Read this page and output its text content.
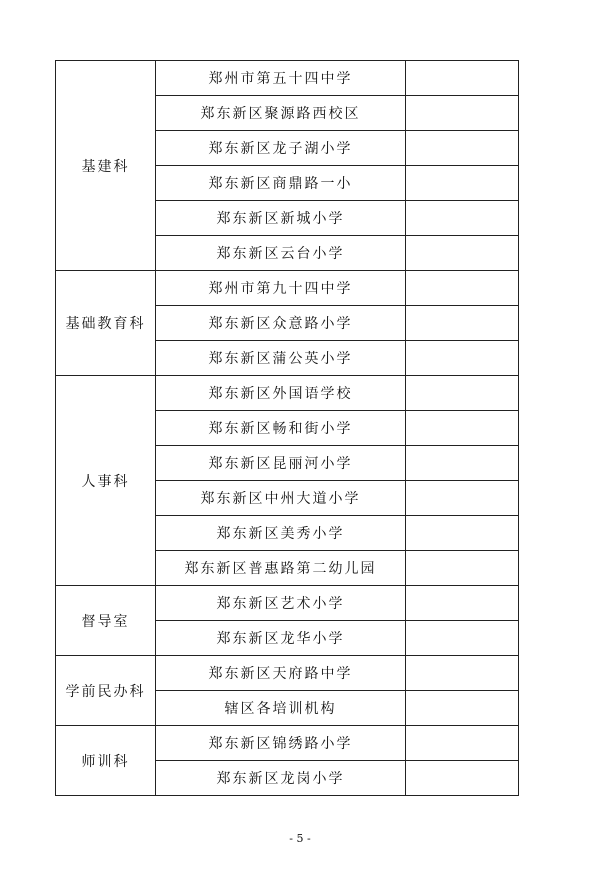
基建科	郑州市第五十四中学	
	郑东新区聚源路西校区	
	郑东新区龙子湖小学	
	郑东新区商鼎路一小	
	郑东新区新城小学	
	郑东新区云台小学	
基础教育科	郑州市第九十四中学	
	郑东新区众意路小学	
	郑东新区蒲公英小学	
人事科	郑东新区外国语学校	
	郑东新区畅和街小学	
	郑东新区昆丽河小学	
	郑东新区中州大道小学	
	郑东新区美秀小学	
	郑东新区普惠路第二幼儿园	
督导室	郑东新区艺术小学	
	郑东新区龙华小学	
学前民办科	郑东新区天府路中学	
	辖区各培训机构	
师训科	郑东新区锦绣路小学	
	郑东新区龙岗小学	
- 5 -
